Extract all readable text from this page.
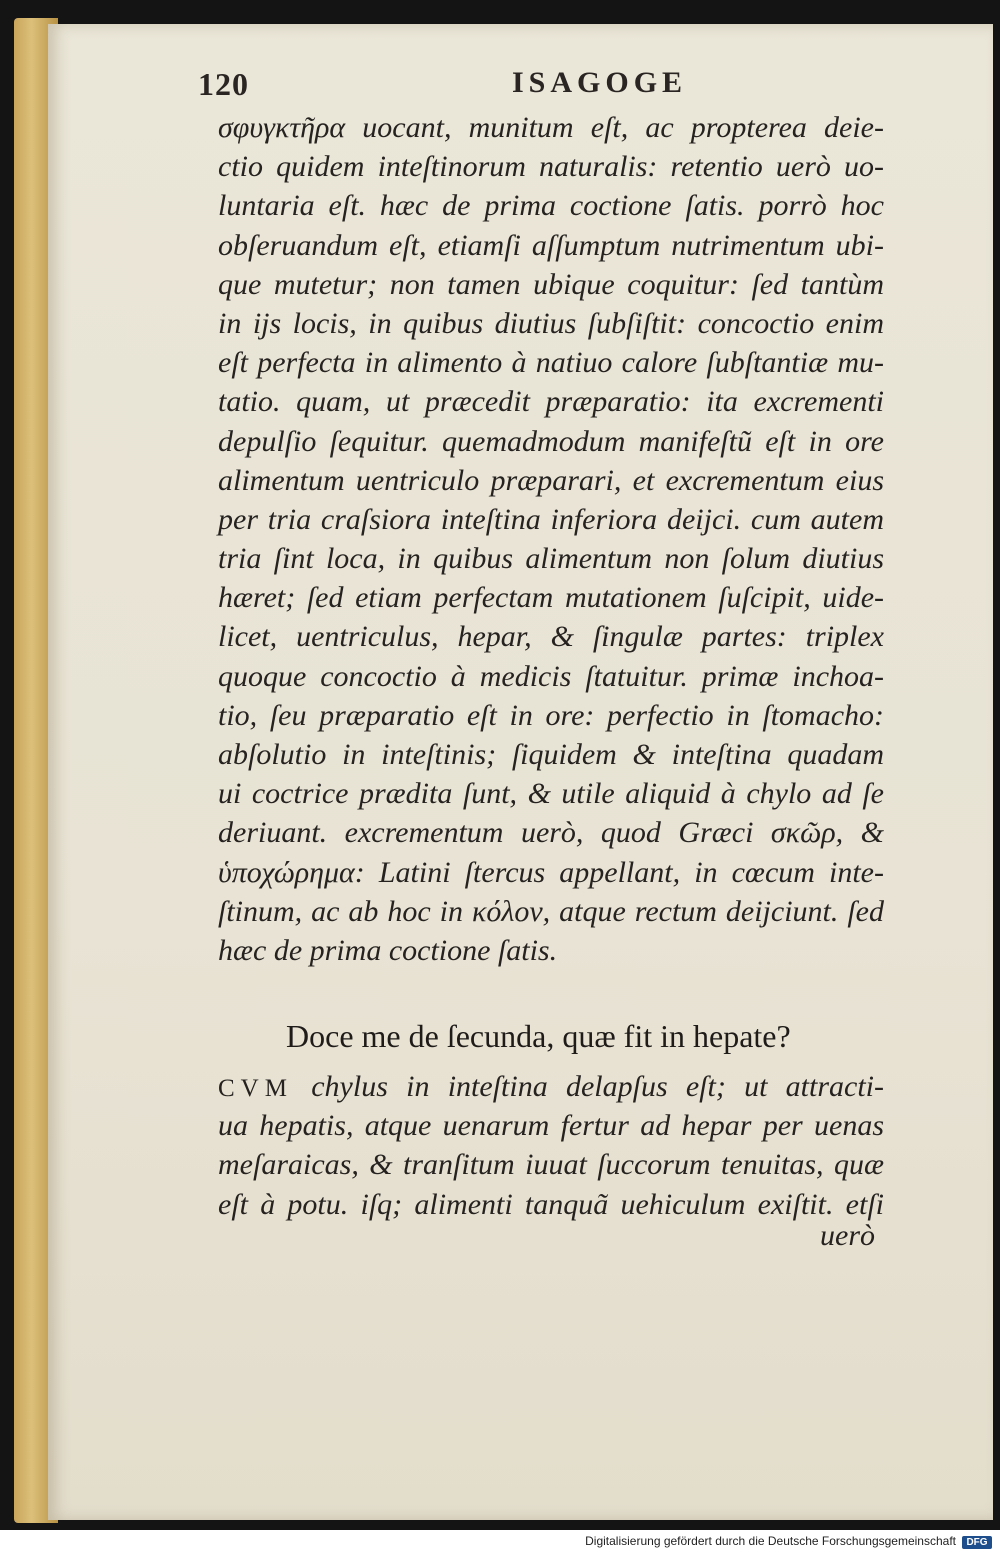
120	ISAGOGE
σφυγκτῆρα uocant, munitum eſt, ac propterea deie-
ctio quidem inteſtinorum naturalis: retentio uerò uo-
luntaria eſt. hæc de prima coctione ſatis. porrò hoc
obſeruandum eſt, etiamſi aſſumptum nutrimentum ubi-
que mutetur; non tamen ubique coquitur: ſed tantùm
in ijs locis, in quibus diutius ſubſiſtit: concoctio enim
eſt perfecta in alimento à natiuo calore ſubſtantiæ mu-
tatio. quam, ut præcedit præparatio: ita excrementi
depulſio ſequitur. quemadmodum manifeſtũ eſt in ore
alimentum uentriculo præparari, et excrementum eius
per tria craſsiora inteſtina inferiora deijci. cum autem
tria ſint loca, in quibus alimentum non ſolum diutius
hæret; ſed etiam perfectam mutationem ſuſcipit, uide-
licet, uentriculus, hepar, & ſingulæ partes: triplex
quoque concoctio à medicis ſtatuitur. primæ inchoa-
tio, ſeu præparatio eſt in ore: perfectio in ſtomacho:
abſolutio in inteſtinis; ſiquidem & inteſtina quadam
ui coctrice prædita ſunt, & utile aliquid à chylo ad ſe
deriuant. excrementum uerò, quod Græci σκῶρ, &
ὑποχώρημα: Latini ſtercus appellant, in cœcum inte-
ſtinum, ac ab hoc in κόλον, atque rectum deijciunt. ſed
hæc de prima coctione ſatis.
Doce me de ſecunda, quæ fit in hepate?
CVM chylus in inteſtina delapſus eſt; ut attracti-
ua hepatis, atque uenarum fertur ad hepar per uenas
meſaraicas, & tranſitum iuuat ſuccorum tenuitas, quæ
eſt à potu. iſq; alimenti tanquã uehiculum exiſtit. etſi
uerò
Digitalisierung gefördert durch die Deutsche Forschungsgemeinschaft	DFG
